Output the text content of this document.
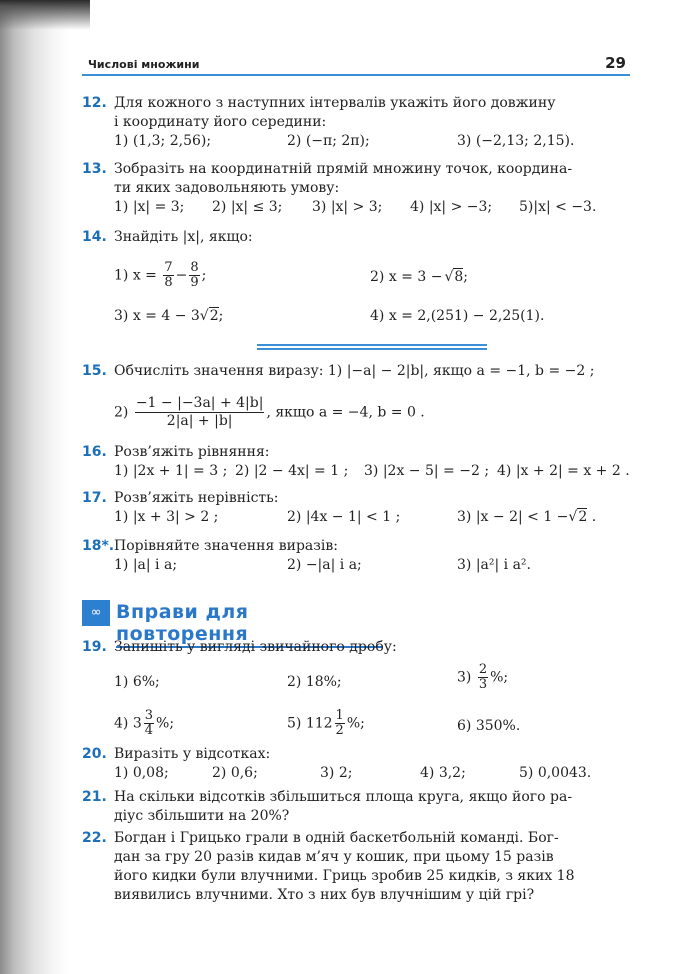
Числові множини	29
12. Для кожного з наступних інтервалів укажіть його довжину
і координату його середини:
1) (1,3; 2,56);	2) (−π; 2π);	3) (−2,13; 2,15).
13. Зобразіть на координатній прямій множину точок, координа-
ти яких задовольняють умову:
1) |x| = 3; 2) |x| ≤ 3; 3) |x| > 3; 4) |x| > −3; 5)|x| < −3.
14. Знайдіть |x|, якщо:
1) $x = \frac{7}{8} - \frac{8}{9}$ ;	2) x = 3 − √8;
3) x = 4 − 3√2;	4) x = 2,(251) − 2,25(1).
15. Обчисліть значення виразу: 1) |−a| − 2|b|, якщо a = −1, b = −2 ;
$2) \frac{-1 - |-3a| + 4|b|}{2|a| + |b|}$ , якщо a = −4, b = 0 .
16. Розв’яжіть рівняння:
1) |2x + 1| = 3 ; 2) |2 − 4x| = 1 ; 3) |2x − 5| = −2 ; 4) |x + 2| = x + 2 .
17. Розв’яжіть нерівність:
1) |x + 3| > 2 ;	2) |4x − 1| < 1 ;	3) |x − 2| < 1 −√2 .
18*.Порівняйте значення виразів:
1) |a| і a;	2) −|a| і a;	3) |a²| і a².
∞ Вправи для повторення
19. Запишіть у вигляді звичайного дробу:
1) 6%;	2) 18%;	$3) \frac{2}{3}$ %;
4) $3 \frac{3}{4}$ %;	5) $112 \frac{1}{2}$ %;	6) 350%.
20. Виразіть у відсотках:
1) 0,08;	2) 0,6;	3) 2;	4) 3,2;	5) 0,0043.
21. На скільки відсотків збільшиться площа круга, якщо його ра-
діус збільшити на 20%?
22. Богдан і Грицько грали в одній баскетбольній команді. Бог-
дан за гру 20 разів кидав м’яч у кошик, при цьому 15 разів
його кидки були влучними. Гриць зробив 25 кидків, з яких 18
виявились влучними. Хто з них був влучнішим у цій грі?
